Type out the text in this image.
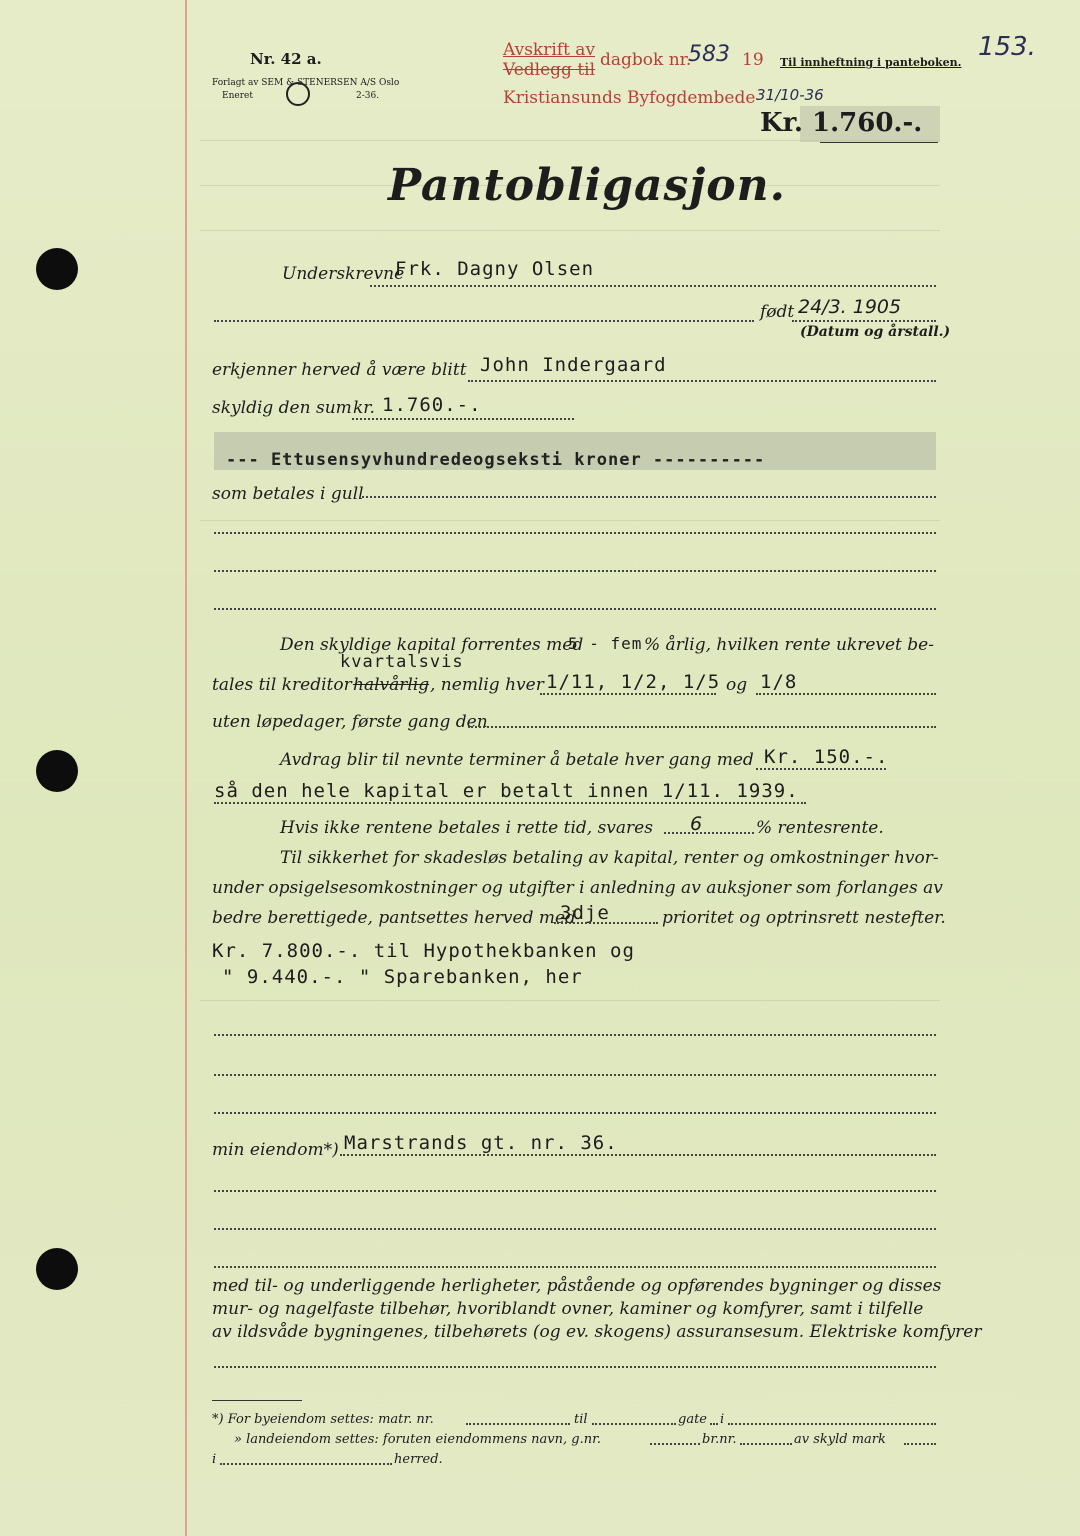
Nr. 42 a.
Forlagt av SEM & STENERSEN A/S Oslo
Eneret	2-36.
Avskrift av
Vedlegg til dagbok nr.
583 19
Kristiansunds Byfogdembede 31/10-36
Til innheftning i panteboken.
153.
Kr. 1.760.-.
Pantobligasjon.
Underskrevne
Frk. Dagny Olsen
født 24/3. 1905
(Datum og årstall.)
erkjenner herved å være blitt John Indergaard
skyldig den sum kr. 1.760.-.
--- Ettusensyvhundredeogseksti kroner ----------
som betales i gull
Den skyldige kapital forrentes med
5 - fem % årlig, hvilken rente ukrevet be-
kvartalsvis
tales til kreditor halvårlig , nemlig hver 1/11, 1/2, 1/5 og 1/8
uten løpedager, første gang den
Avdrag blir til nevnte terminer å betale hver gang med Kr. 150.-.
så den hele kapital er betalt innen 1/11. 1939.
Hvis ikke rentene betales i rette tid, svares 6	% rentesrente.
Til sikkerhet for skadesløs betaling av kapital, renter og omkostninger hvor-
under opsigelsesomkostninger og utgifter i anledning av auksjoner som forlanges av
bedre berettigede, pantsettes herved med
3dje	prioritet og optrinsrett nestefter.
Kr. 7.800.-. til Hypothekbanken og
" 9.440.-. " Sparebanken, her
min eiendom*) Marstrands gt. nr. 36.
med til- og underliggende herligheter, påstående og opførendes bygninger og disses
mur- og nagelfaste tilbehør, hvoriblandt ovner, kaminer og komfyrer, samt i tilfelle
av ildsvåde bygningenes, tilbehørets (og ev. skogens) assuransesum. Elektriske komfyrer
*) For byeiendom settes: matr. nr.	til	gate i
» landeiendom settes: foruten eiendommens navn, g.nr.	br.nr.	av skyld mark
i	herred.
